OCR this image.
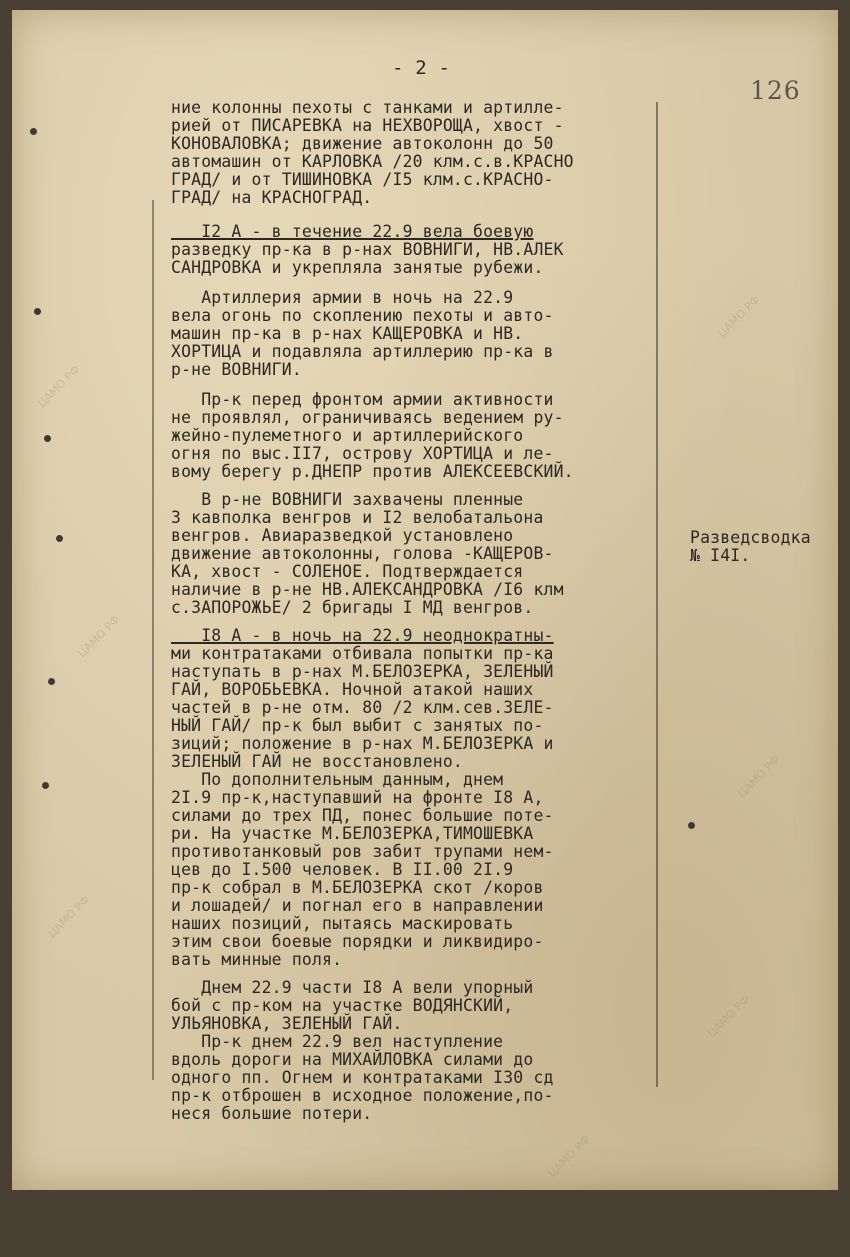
ЦАМО РФ
ЦАМО РФ
ЦАМО РФ
ЦАМО РФ
ЦАМО РФ
ЦАМО РФ
ЦАМО РФ
- 2 -
126

ние колонны пехоты с танками и артилле-

рией от ПИСАРЕВКА на НЕХВОРОЩА, хвост -

КОНОВАЛОВКА; движение автоколонн до 50

автомашин от КАРЛОВКА /20 клм.с.в.КРАСНО

ГРАД/ и от ТИШИНОВКА /I5 клм.с.КРАСНО-

ГРАД/ на КРАСНОГРАД.

I2 А - в течение 22.9 вела боевую

разведку пр-ка в р-нах ВОВНИГИ, НВ.АЛЕК

САНДРОВКА и укрепляла занятые рубежи.

Артиллерия армии в ночь на 22.9

вела огонь по скоплению пехоты и авто-

машин пр-ка в р-нах КАЩЕРОВКА и НВ.

ХОРТИЦА и подавляла артиллерию пр-ка в

р-не ВОВНИГИ.

Пр-к перед фронтом армии активности

не проявлял, ограничиваясь ведением ру-

жейно-пулеметного и артиллерийского

огня по выс.II7, острову ХОРТИЦА и ле-

вому берегу р.ДНЕПР против АЛЕКСЕЕВСКИЙ.

В р-не ВОВНИГИ захвачены пленные

3 кавполка венгров и I2 велобатальона

венгров. Авиаразведкой установлено

движение автоколонны, голова -КАЩЕРОВ-

КА, хвост - СОЛЕНОЕ. Подтверждается

наличие в р-не НВ.АЛЕКСАНДРОВКА /I6 клм

с.ЗАПОРОЖЬЕ/ 2 бригады I МД венгров.

I8 А - в ночь на 22.9 неоднократны-

ми контратаками отбивала попытки пр-ка

наступать в р-нах М.БЕЛОЗЕРКА, ЗЕЛЕНЫЙ

ГАЙ, ВОРОБЬЕВКА. Ночной атакой наших

частей в р-не отм. 80 /2 клм.сев.ЗЕЛЕ-

НЫЙ ГАЙ/ пр-к был выбит с занятых по-

зиций; положение в р-нах М.БЕЛОЗЕРКА и

ЗЕЛЕНЫЙ ГАЙ не восстановлено.

По дополнительным данным, днем

2I.9 пр-к,наступавший на фронте I8 А,

силами до трех ПД, понес большие поте-

ри. На участке М.БЕЛОЗЕРКА,ТИМОШЕВКА

противотанковый ров забит трупами нем-

цев до I.500 человек. В II.00 2I.9

пр-к собрал в М.БЕЛОЗЕРКА скот /коров

и лошадей/ и погнал его в направлении

наших позиций, пытаясь маскировать

этим свои боевые порядки и ликвидиро-

вать минные поля.

Днем 22.9 части I8 А вели упорный

бой с пр-ком на участке ВОДЯНСКИЙ,

УЛЬЯНОВКА, ЗЕЛЕНЫЙ ГАЙ.

Пр-к днем 22.9 вел наступление

вдоль дороги на МИХАЙЛОВКА силами до

одного пп. Огнем и контратаками I30 сд

пр-к отброшен в исходное положение,по-

неся большие потери.

Разведсводка

№ I4I.
